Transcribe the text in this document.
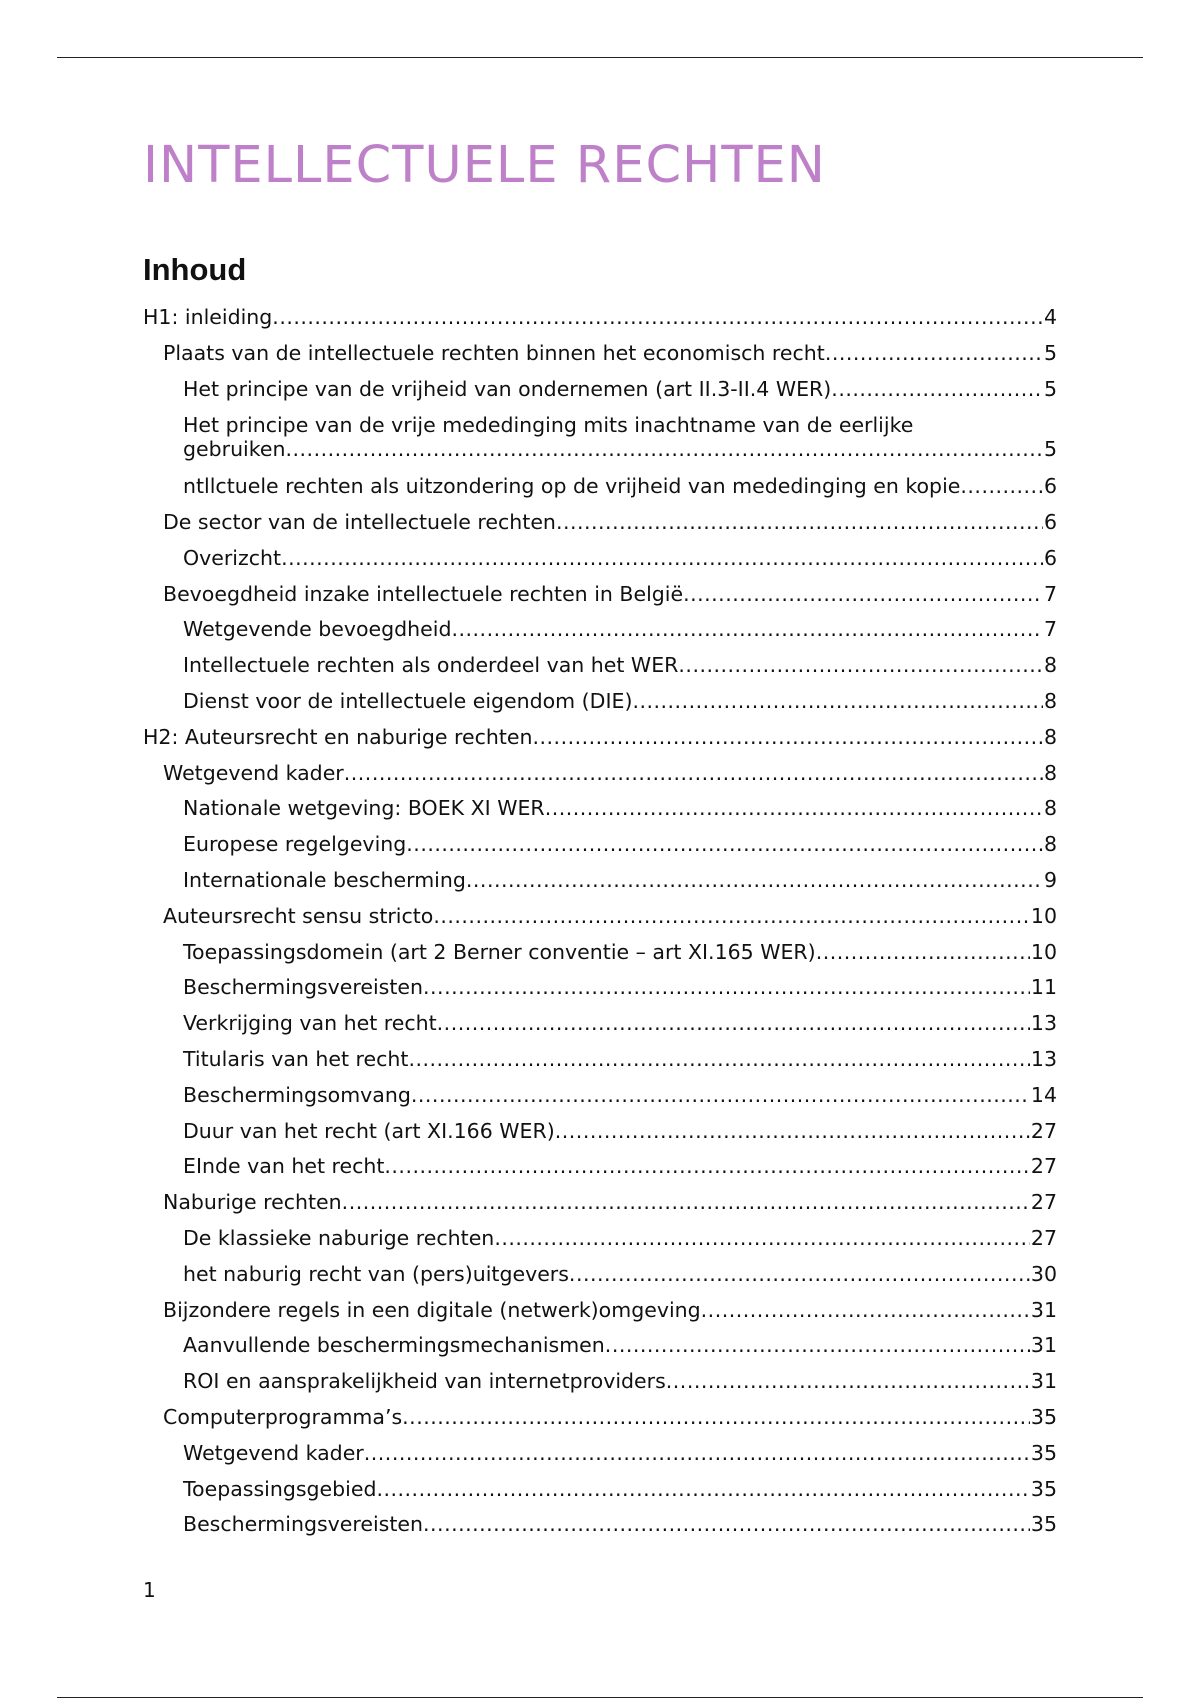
INTELLECTUELE RECHTEN
Inhoud
H1: inleiding .....	4
Plaats van de intellectuele rechten binnen het economisch recht .....	5
Het principe van de vrijheid van ondernemen (art II.3-II.4 WER) .....	5
Het principe van de vrije mededinging mits inachtname van de eerlijke
gebruiken .....	5
ntllctuele rechten als uitzondering op de vrijheid van mededinging en kopie .....	6
De sector van de intellectuele rechten .....	6
Overizcht .....	6
Bevoegdheid inzake intellectuele rechten in België .....	7
Wetgevende bevoegdheid .....	7
Intellectuele rechten als onderdeel van het WER .....	8
Dienst voor de intellectuele eigendom (DIE) .....	8
H2: Auteursrecht en naburige rechten .....	8
Wetgevend kader .....	8
Nationale wetgeving: BOEK XI WER .....	8
Europese regelgeving .....	8
Internationale bescherming .....	9
Auteursrecht sensu stricto .....	10
Toepassingsdomein (art 2 Berner conventie – art XI.165 WER) .....	10
Beschermingsvereisten .....	11
Verkrijging van het recht .....	13
Titularis van het recht .....	13
Beschermingsomvang .....	14
Duur van het recht (art XI.166 WER) .....	27
EInde van het recht .....	27
Naburige rechten .....	27
De klassieke naburige rechten .....	27
het naburig recht van (pers)uitgevers .....	30
Bijzondere regels in een digitale (netwerk)omgeving .....	31
Aanvullende beschermingsmechanismen .....	31
ROI en aansprakelijkheid van internetproviders .....	31
Computerprogramma’s .....	35
Wetgevend kader .....	35
Toepassingsgebied .....	35
Beschermingsvereisten .....	35
1
